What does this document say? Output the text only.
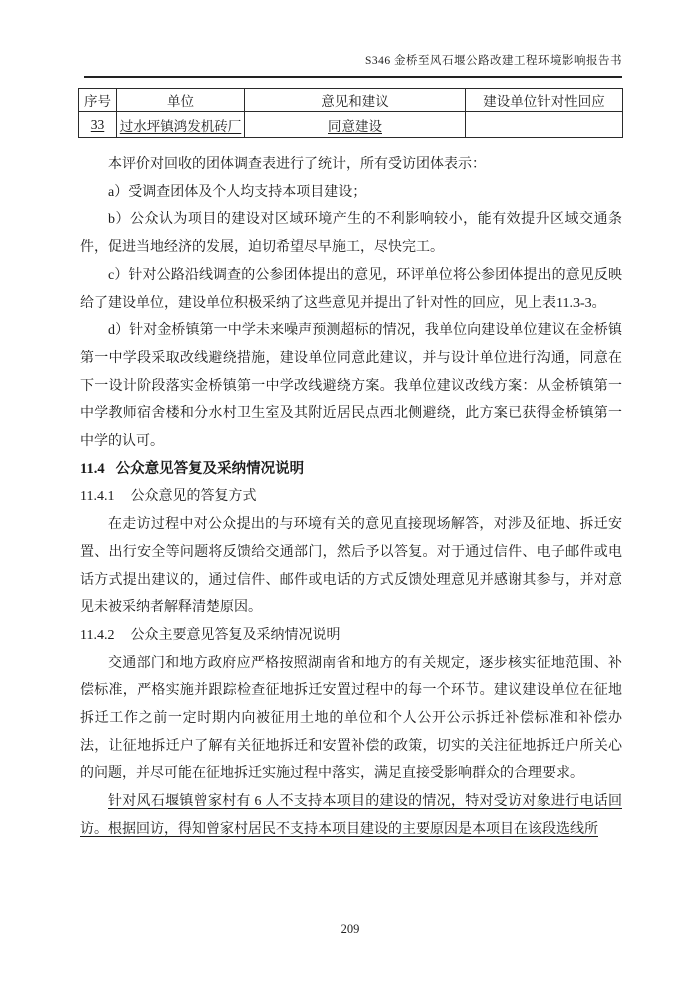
S346 金桥至风石堰公路改建工程环境影响报告书
序号	单位	意见和建议	建设单位针对性回应
33	过水坪镇鸿发机砖厂	同意建设	

本评价对回收的团体调查表进行了统计，所有受访团体表示：

a）受调查团体及个人均支持本项目建设；

b）公众认为项目的建设对区域环境产生的不利影响较小，能有效提升区域交通条件，促进当地经济的发展，迫切希望尽早施工，尽快完工。

c）针对公路沿线调查的公参团体提出的意见，环评单位将公参团体提出的意见反映给了建设单位，建设单位积极采纳了这些意见并提出了针对性的回应，见上表11.3-3。

d）针对金桥镇第一中学未来噪声预测超标的情况，我单位向建设单位建议在金桥镇第一中学段采取改线避绕措施，建设单位同意此建议，并与设计单位进行沟通，同意在下一设计阶段落实金桥镇第一中学改线避绕方案。我单位建议改线方案：从金桥镇第一中学教师宿舍楼和分水村卫生室及其附近居民点西北侧避绕，此方案已获得金桥镇第一中学的认可。

11.4 公众意见答复及采纳情况说明

11.4.1 公众意见的答复方式

在走访过程中对公众提出的与环境有关的意见直接现场解答，对涉及征地、拆迁安置、出行安全等问题将反馈给交通部门，然后予以答复。对于通过信件、电子邮件或电话方式提出建议的，通过信件、邮件或电话的方式反馈处理意见并感谢其参与，并对意见未被采纳者解释清楚原因。

11.4.2 公众主要意见答复及采纳情况说明

交通部门和地方政府应严格按照湖南省和地方的有关规定，逐步核实征地范围、补偿标准，严格实施并跟踪检查征地拆迁安置过程中的每一个环节。建议建设单位在征地拆迁工作之前一定时期内向被征用土地的单位和个人公开公示拆迁补偿标准和补偿办法，让征地拆迁户了解有关征地拆迁和安置补偿的政策，切实的关注征地拆迁户所关心的问题，并尽可能在征地拆迁实施过程中落实，满足直接受影响群众的合理要求。

针对风石堰镇曾家村有 6 人不支持本项目的建设的情况，特对受访对象进行电话回访。根据回访，得知曾家村居民不支持本项目建设的主要原因是本项目在该段选线所

209
